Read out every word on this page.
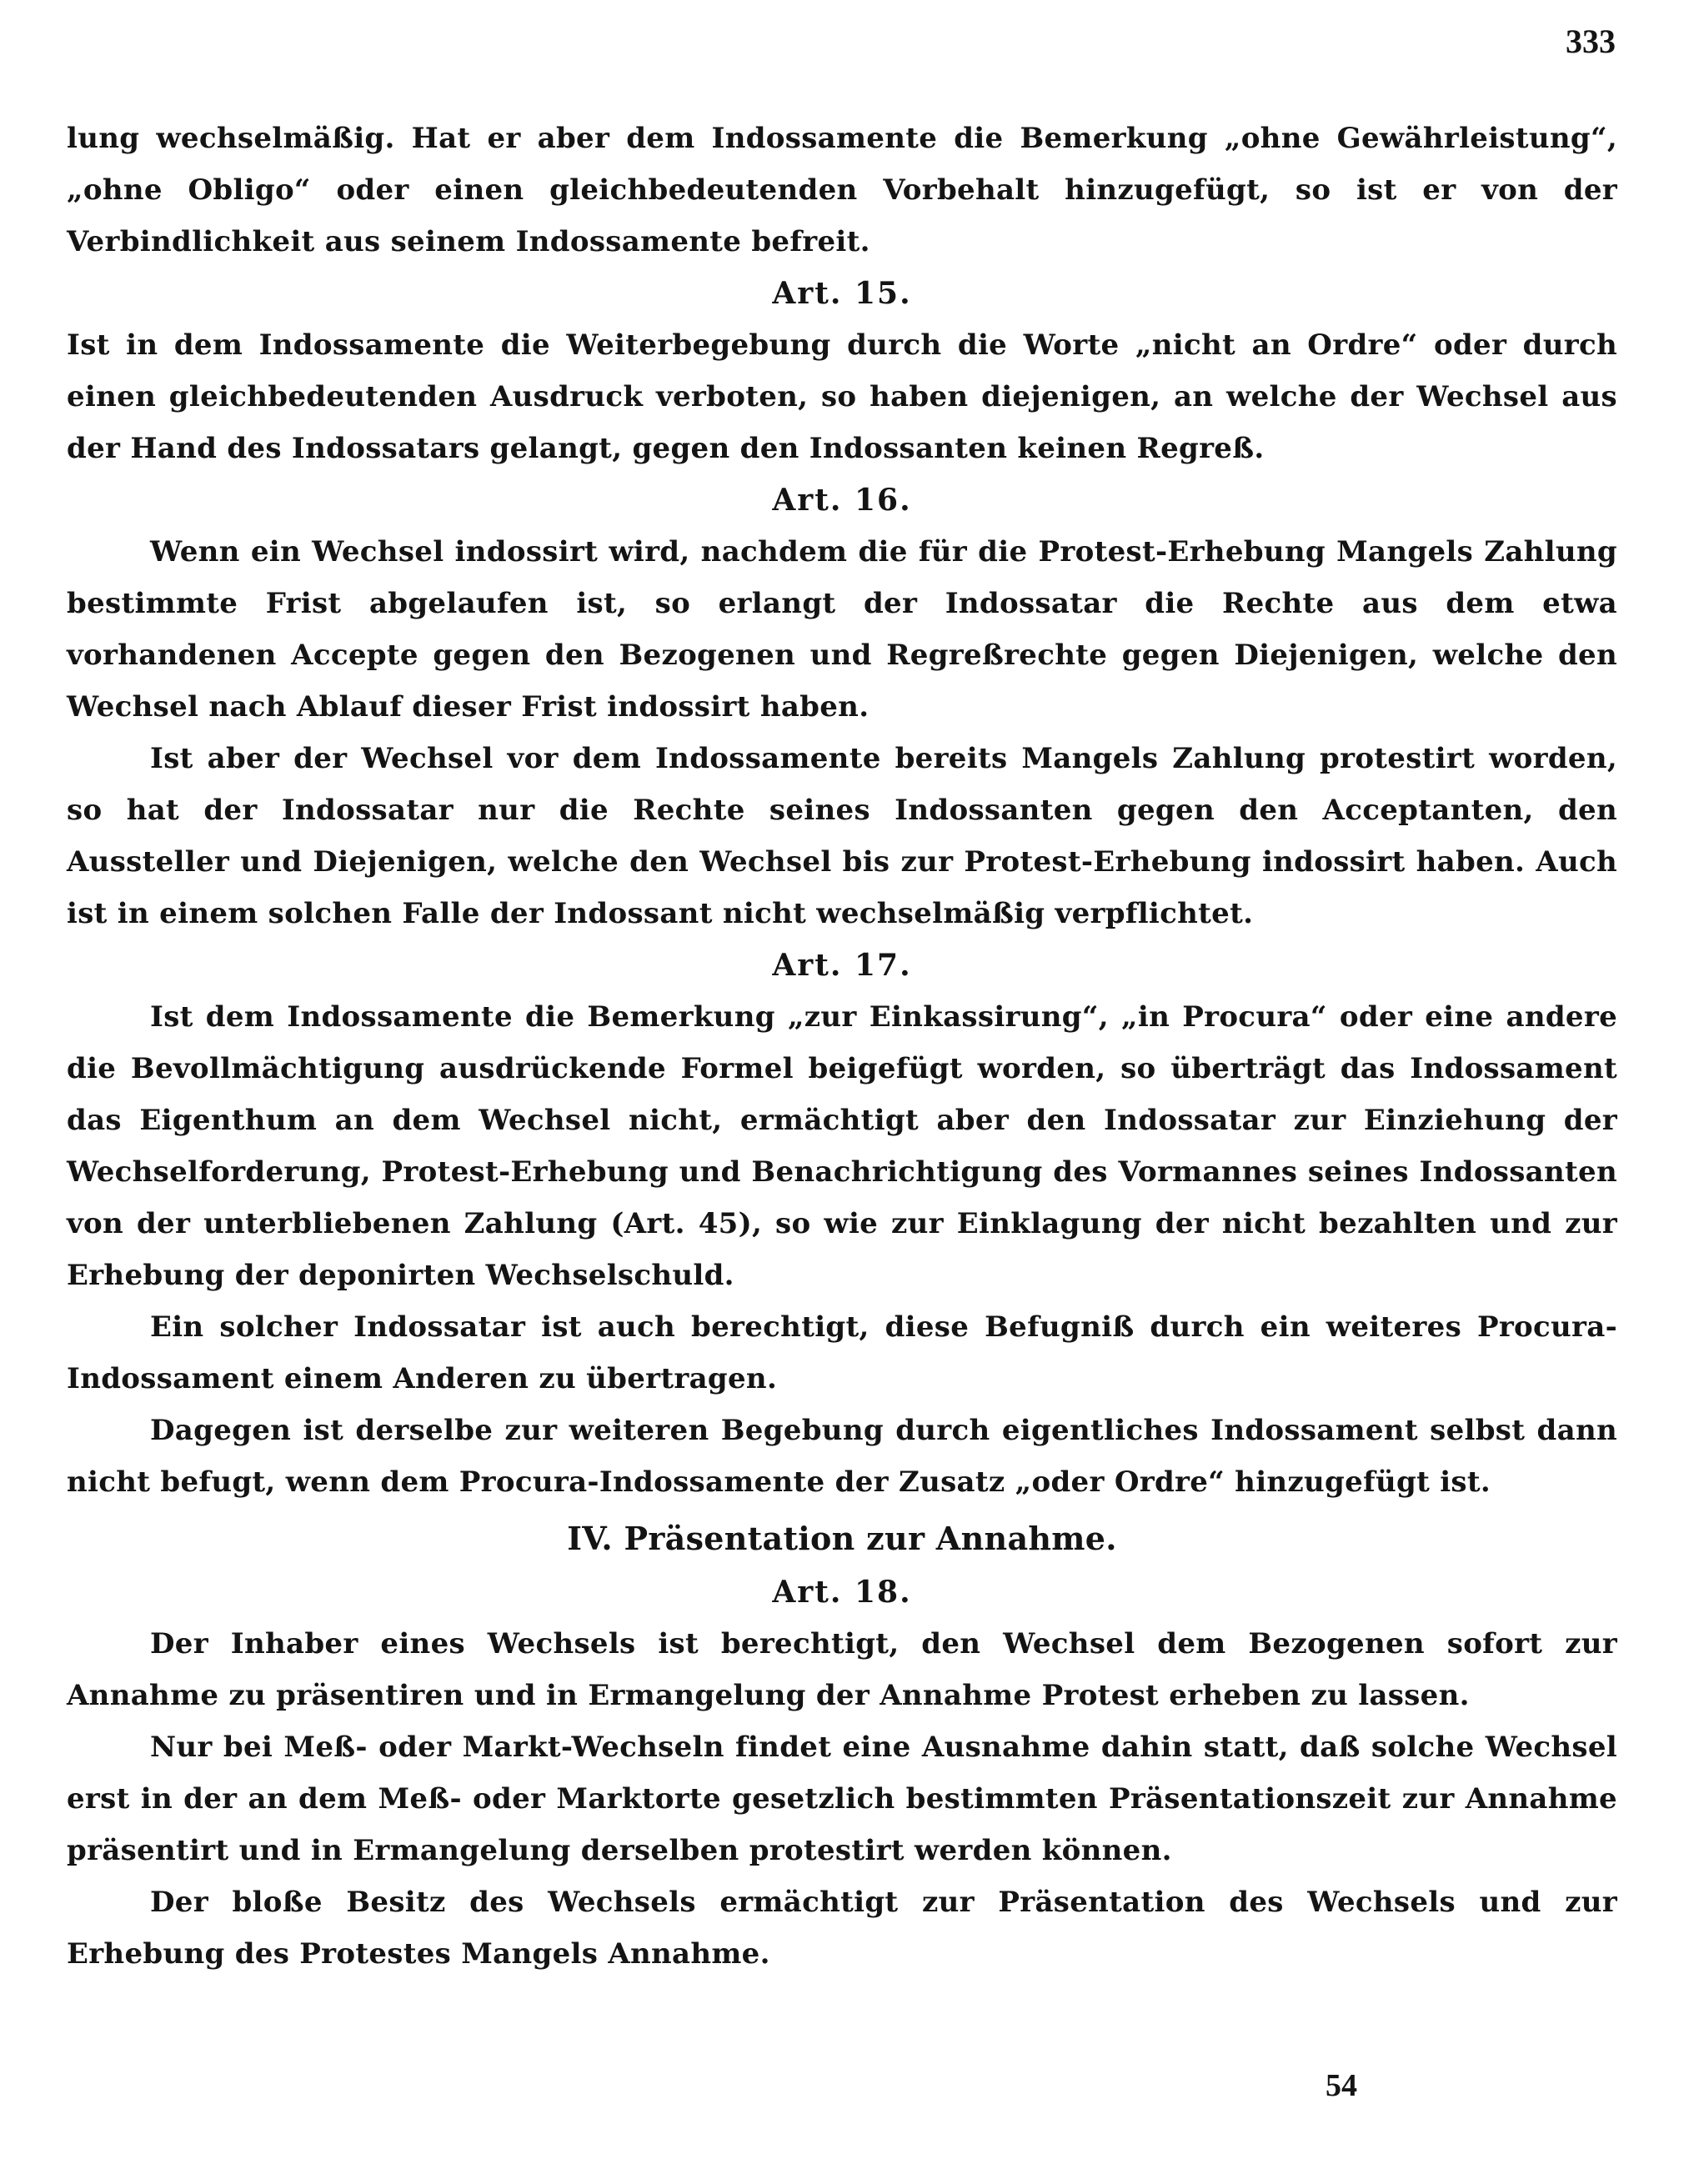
333

lung wechselmäßig. Hat er aber dem Indossamente die Bemerkung „ohne Gewährleistung“, „ohne Obligo“ oder einen gleichbedeutenden Vorbehalt hinzugefügt, so ist er von der Verbindlichkeit aus seinem Indossamente befreit.

Art. 15.

Ist in dem Indossamente die Weiterbegebung durch die Worte „nicht an Ordre“ oder durch einen gleichbedeutenden Ausdruck verboten, so haben diejenigen, an welche der Wechsel aus der Hand des Indossatars gelangt, gegen den Indossanten keinen Regreß.

Art. 16.

Wenn ein Wechsel indossirt wird, nachdem die für die Protest-Erhebung Mangels Zahlung bestimmte Frist abgelaufen ist, so erlangt der Indossatar die Rechte aus dem etwa vorhandenen Accepte gegen den Bezogenen und Regreßrechte gegen Diejenigen, welche den Wechsel nach Ablauf dieser Frist indossirt haben.

Ist aber der Wechsel vor dem Indossamente bereits Mangels Zahlung protestirt worden, so hat der Indossatar nur die Rechte seines Indossanten gegen den Acceptanten, den Aussteller und Diejenigen, welche den Wechsel bis zur Protest-Erhebung indossirt haben. Auch ist in einem solchen Falle der Indossant nicht wechselmäßig verpflichtet.

Art. 17.

Ist dem Indossamente die Bemerkung „zur Einkassirung“, „in Procura“ oder eine andere die Bevollmächtigung ausdrückende Formel beigefügt worden, so überträgt das Indossament das Eigenthum an dem Wechsel nicht, ermächtigt aber den Indossatar zur Einziehung der Wechselforderung, Protest-Erhebung und Benachrichtigung des Vormannes seines Indossanten von der unterbliebenen Zahlung (Art. 45), so wie zur Einklagung der nicht bezahlten und zur Erhebung der deponirten Wechselschuld.

Ein solcher Indossatar ist auch berechtigt, diese Befugniß durch ein weiteres Procura-Indossament einem Anderen zu übertragen.

Dagegen ist derselbe zur weiteren Begebung durch eigentliches Indossament selbst dann nicht befugt, wenn dem Procura-Indossamente der Zusatz „oder Ordre“ hinzugefügt ist.

IV. Präsentation zur Annahme.
Art. 18.

Der Inhaber eines Wechsels ist berechtigt, den Wechsel dem Bezogenen sofort zur Annahme zu präsentiren und in Ermangelung der Annahme Protest erheben zu lassen.

Nur bei Meß- oder Markt-Wechseln findet eine Ausnahme dahin statt, daß solche Wechsel erst in der an dem Meß- oder Marktorte gesetzlich bestimmten Präsentationszeit zur Annahme präsentirt und in Ermangelung derselben protestirt werden können.

Der bloße Besitz des Wechsels ermächtigt zur Präsentation des Wechsels und zur Erhebung des Protestes Mangels Annahme.

54
